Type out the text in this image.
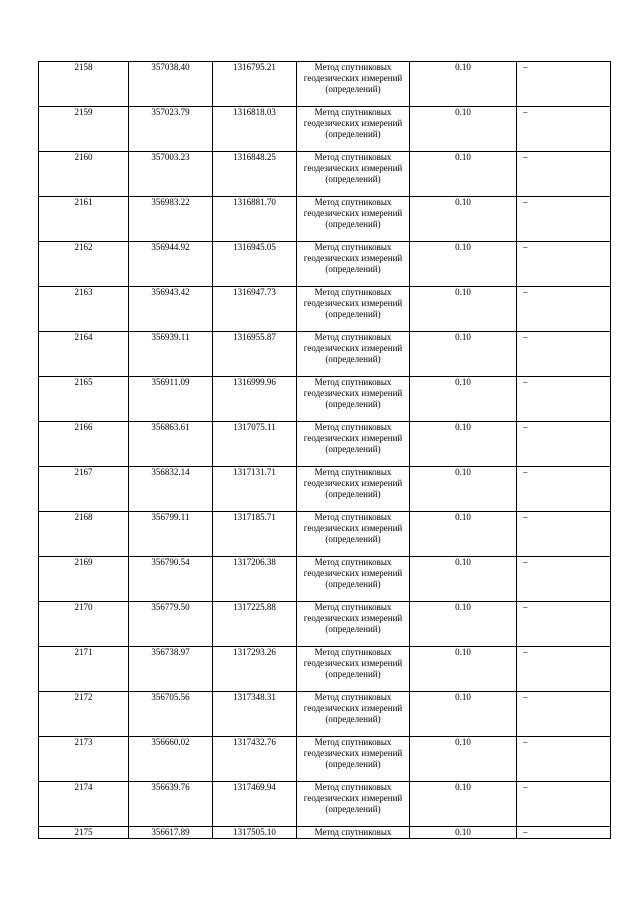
2158	357038.40	1316795.21	Метод спутниковых геодезических измерений (определений)	0.10	–
2159	357023.79	1316818.03	Метод спутниковых геодезических измерений (определений)	0.10	–
2160	357003.23	1316848.25	Метод спутниковых геодезических измерений (определений)	0.10	–
2161	356983.22	1316881.70	Метод спутниковых геодезических измерений (определений)	0.10	–
2162	356944.92	1316945.05	Метод спутниковых геодезических измерений (определений)	0.10	–
2163	356943.42	1316947.73	Метод спутниковых геодезических измерений (определений)	0.10	–
2164	356939.11	1316955.87	Метод спутниковых геодезических измерений (определений)	0.10	–
2165	356911.09	1316999.96	Метод спутниковых геодезических измерений (определений)	0.10	–
2166	356863.61	1317075.11	Метод спутниковых геодезических измерений (определений)	0.10	–
2167	356832.14	1317131.71	Метод спутниковых геодезических измерений (определений)	0.10	–
2168	356799.11	1317185.71	Метод спутниковых геодезических измерений (определений)	0.10	–
2169	356790.54	1317206.38	Метод спутниковых геодезических измерений (определений)	0.10	–
2170	356779.50	1317225.88	Метод спутниковых геодезических измерений (определений)	0.10	–
2171	356738.97	1317293.26	Метод спутниковых геодезических измерений (определений)	0.10	–
2172	356705.56	1317348.31	Метод спутниковых геодезических измерений (определений)	0.10	–
2173	356660.02	1317432.76	Метод спутниковых геодезических измерений (определений)	0.10	–
2174	356639.76	1317469.94	Метод спутниковых геодезических измерений (определений)	0.10	–
2175	356617.89	1317505.10	Метод спутниковых	0.10	–
